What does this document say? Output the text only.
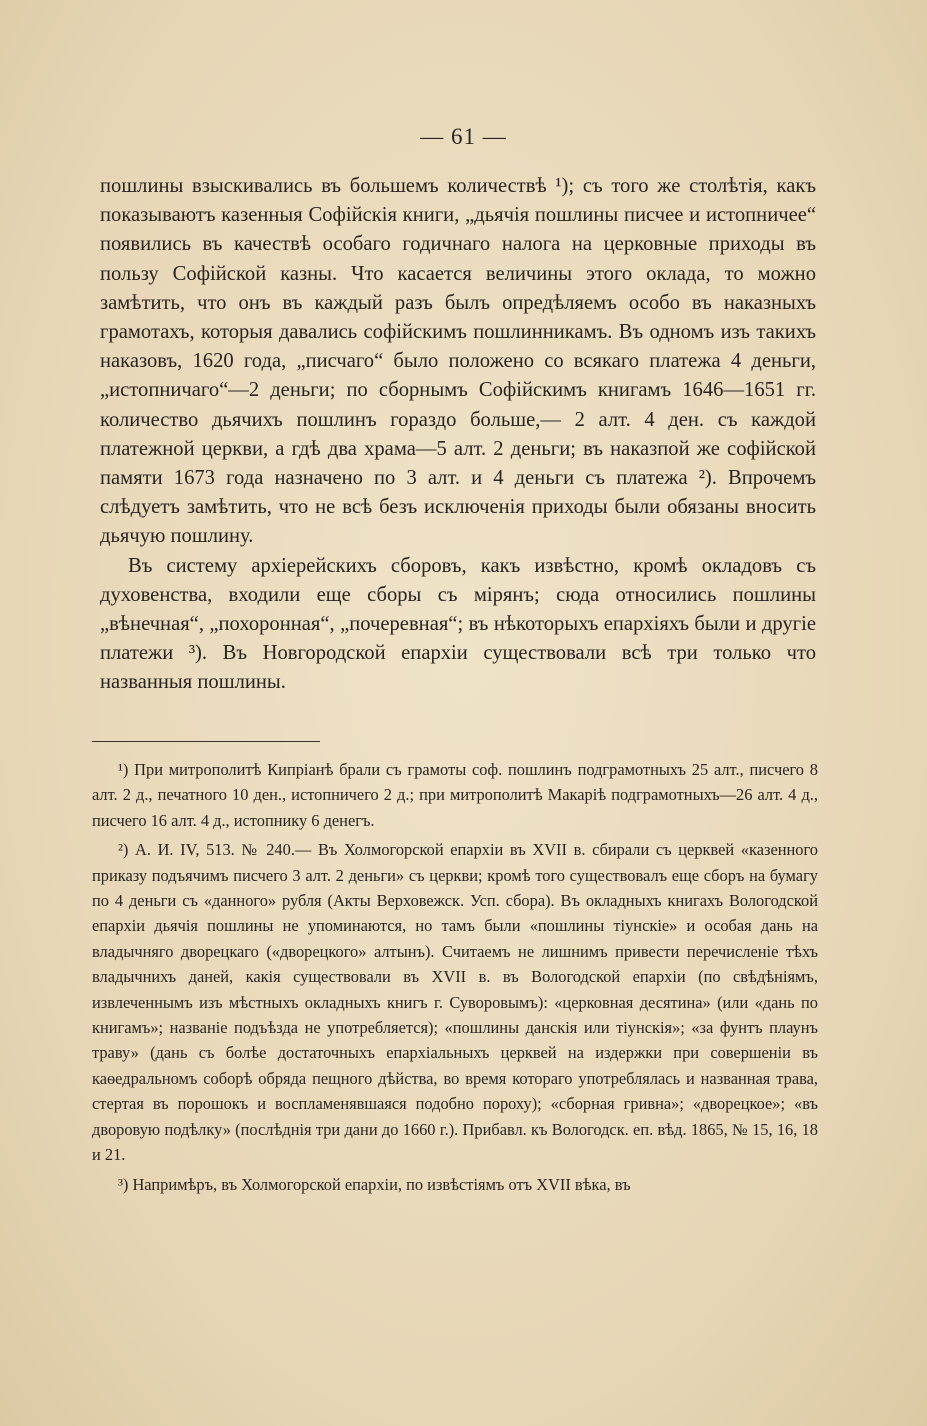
— 61 —

пошлины взыскивались въ большемъ количествѣ ¹); съ того же столѣтія, какъ показываютъ казенныя Софійскія книги, „дьячія пошлины писчее и истопничее“ появились въ качествѣ особаго годичнаго налога на церковные приходы въ пользу Софійской казны. Что касается величины этого оклада, то можно замѣтить, что онъ въ каждый разъ былъ опредѣляемъ особо въ наказныхъ грамотахъ, которыя давались софійскимъ пошлинникамъ. Въ одномъ изъ такихъ наказовъ, 1620 года, „писчаго“ было положено со всякаго платежа 4 деньги, „истопничаго“—2 деньги; по сборнымъ Софійскимъ книгамъ 1646—1651 гг. количество дьячихъ пошлинъ гораздо больше,— 2 алт. 4 ден. съ каждой платежной церкви, а гдѣ два храма—5 алт. 2 деньги; въ наказпой же софійской памяти 1673 года назначено по 3 алт. и 4 деньги съ платежа ²). Впрочемъ слѣдуетъ замѣтить, что не всѣ безъ исключенія приходы были обязаны вносить дьячую пошлину.

Въ систему архіерейскихъ сборовъ, какъ извѣстно, кромѣ окладовъ съ духовенства, входили еще сборы съ мірянъ; сюда относились пошлины „вѣнечная“, „похоронная“, „почеревная“; въ нѣкоторыхъ епархіяхъ были и другіе платежи ³). Въ Новгородской епархіи существовали всѣ три только что названныя пошлины.

¹) При митрополитѣ Кипріанѣ брали съ грамоты соф. пошлинъ подграмотныхъ 25 алт., писчего 8 алт. 2 д., печатного 10 ден., истопничего 2 д.; при митрополитѣ Макаріѣ подграмотныхъ—26 алт. 4 д., писчего 16 алт. 4 д., истопнику 6 денегъ.

²) А. И. IV, 513. № 240.— Въ Холмогорской епархіи въ XVII в. сбирали съ церквей «казенного приказу подъячимъ писчего 3 алт. 2 деньги» съ церкви; кромѣ того существовалъ еще сборъ на бумагу по 4 деньги съ «данного» рубля (Акты Верховежск. Усп. сбора). Въ окладныхъ книгахъ Вологодской епархіи дьячія пошлины не упоминаются, но тамъ были «пошлины тіунскіе» и особая дань на владычняго дворецкаго («дворецкого» алтынъ). Считаемъ не лишнимъ привести перечисленіе тѣхъ владычнихъ даней, какія существовали въ XVII в. въ Вологодской епархіи (по свѣдѣніямъ, извлеченнымъ изъ мѣстныхъ окладныхъ книгъ г. Суворовымъ): «церковная десятина» (или «дань по книгамъ»; названіе подъѣзда не употребляется); «пошлины данскія или тіунскія»; «за фунтъ плаунъ траву» (дань съ болѣе достаточныхъ епархіальныхъ церквей на издержки при совершеніи въ каѳедральномъ соборѣ обряда пещного дѣйства, во время котораго употреблялась и названная трава, стертая въ порошокъ и воспламенявшаяся подобно пороху); «сборная гривна»; «дворецкое»; «въ дворовую подѣлку» (послѣднія три дани до 1660 г.). Прибавл. къ Вологодск. еп. вѣд. 1865, № 15, 16, 18 и 21.

³) Напримѣръ, въ Холмогорской епархіи, по извѣстіямъ отъ XVII вѣка, въ
